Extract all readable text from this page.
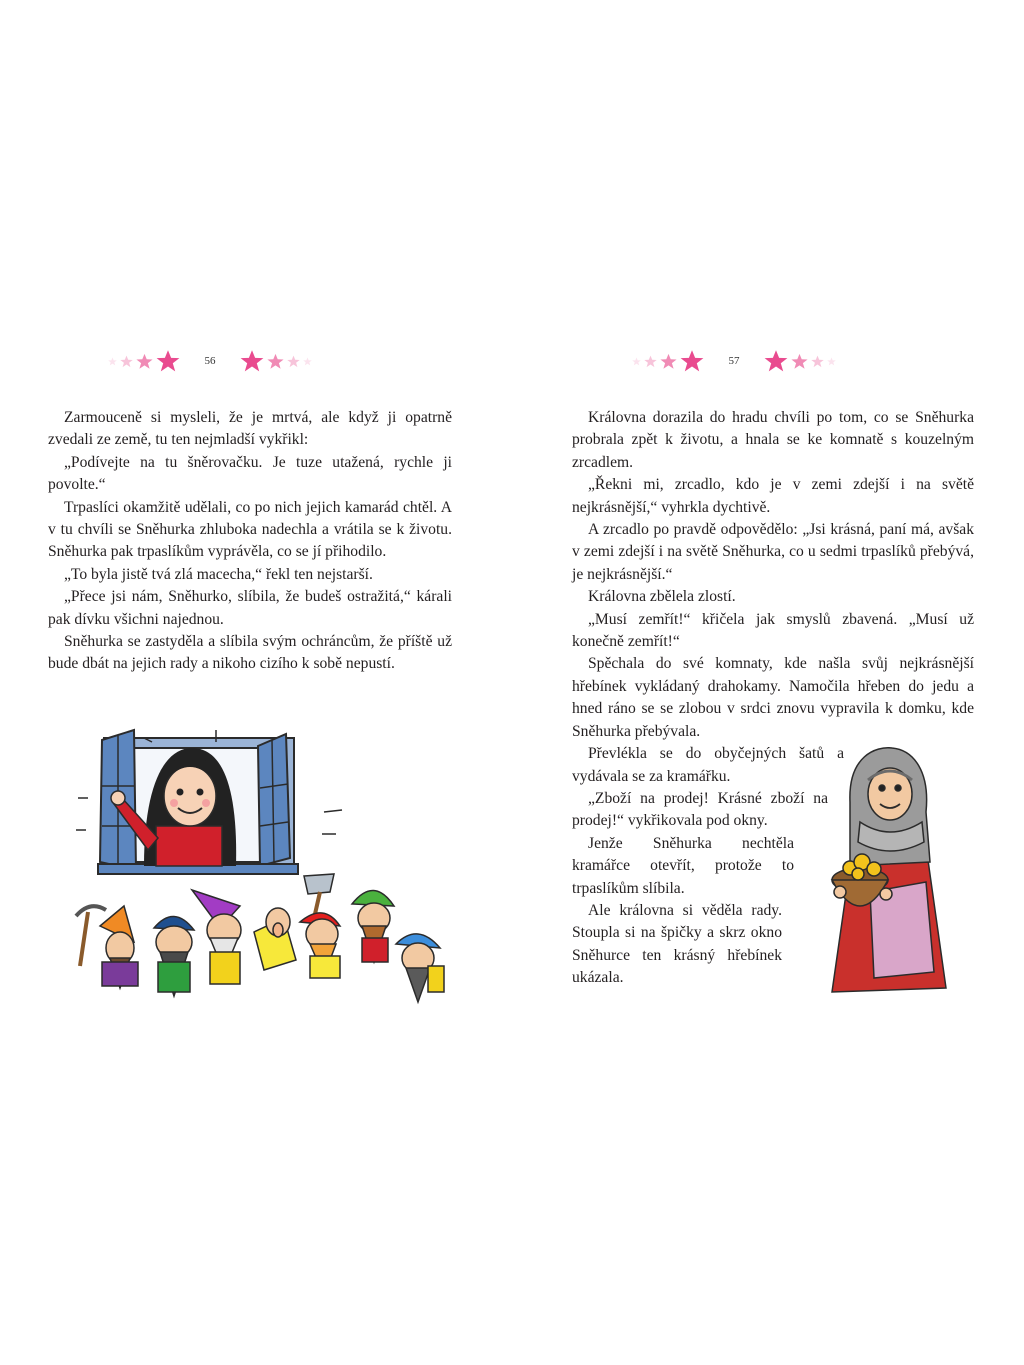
56

Zarmouceně si mysleli, že je mrtvá, ale když ji opatrně zvedali ze země, tu ten nejmladší vykřikl:

„Podívejte na tu šněrovačku. Je tuze utažená, rychle ji povolte.“

Trpaslíci okamžitě udělali, co po nich jejich kamarád chtěl. A v tu chvíli se Sněhurka zhluboka nadechla a vrátila se k životu. Sněhurka pak trpaslíkům vyprávěla, co se jí přihodilo.

„To byla jistě tvá zlá macecha,“ řekl ten nejstarší.

„Přece jsi nám, Sněhurko, slíbila, že budeš ostražitá,“ kárali pak dívku všichni najednou.

Sněhurka se zastyděla a slíbila svým ochráncům, že příště už bude dbát na jejich rady a nikoho cizího k sobě nepustí.

57

Královna dorazila do hradu chvíli po tom, co se Sněhurka probrala zpět k životu, a hnala se ke komnatě s kouzelným zrcadlem.

„Řekni mi, zrcadlo, kdo je v zemi zdejší i na světě nejkrásnější,“ vyhrkla dychtivě.

A zrcadlo po pravdě odpovědělo: „Jsi krásná, paní má, avšak v zemi zdejší i na světě Sněhurka, co u sedmi trpaslíků přebývá, je nejkrásnější.“

Královna zbělela zlostí.

„Musí zemřít!“ křičela jak smyslů zbavená. „Musí už konečně zemřít!“

Spěchala do své komnaty, kde našla svůj nejkrásnější hřebínek vykládaný drahokamy. Namočila hřeben do jedu a hned ráno se se zlobou v srdci znovu vypravila k domku, kde Sněhurka přebývala.

Převlékla se do obyčejných šatů a vydávala se za kramářku.

„Zboží na prodej! Krásné zboží na prodej!“ vykřikovala pod okny.

Jenže Sněhurka nechtěla kramářce otevřít, protože to trpaslíkům slíbila.

Ale královna si věděla rady. Stoupla si na špičky a skrz okno Sněhurce ten krásný hřebínek ukázala.
